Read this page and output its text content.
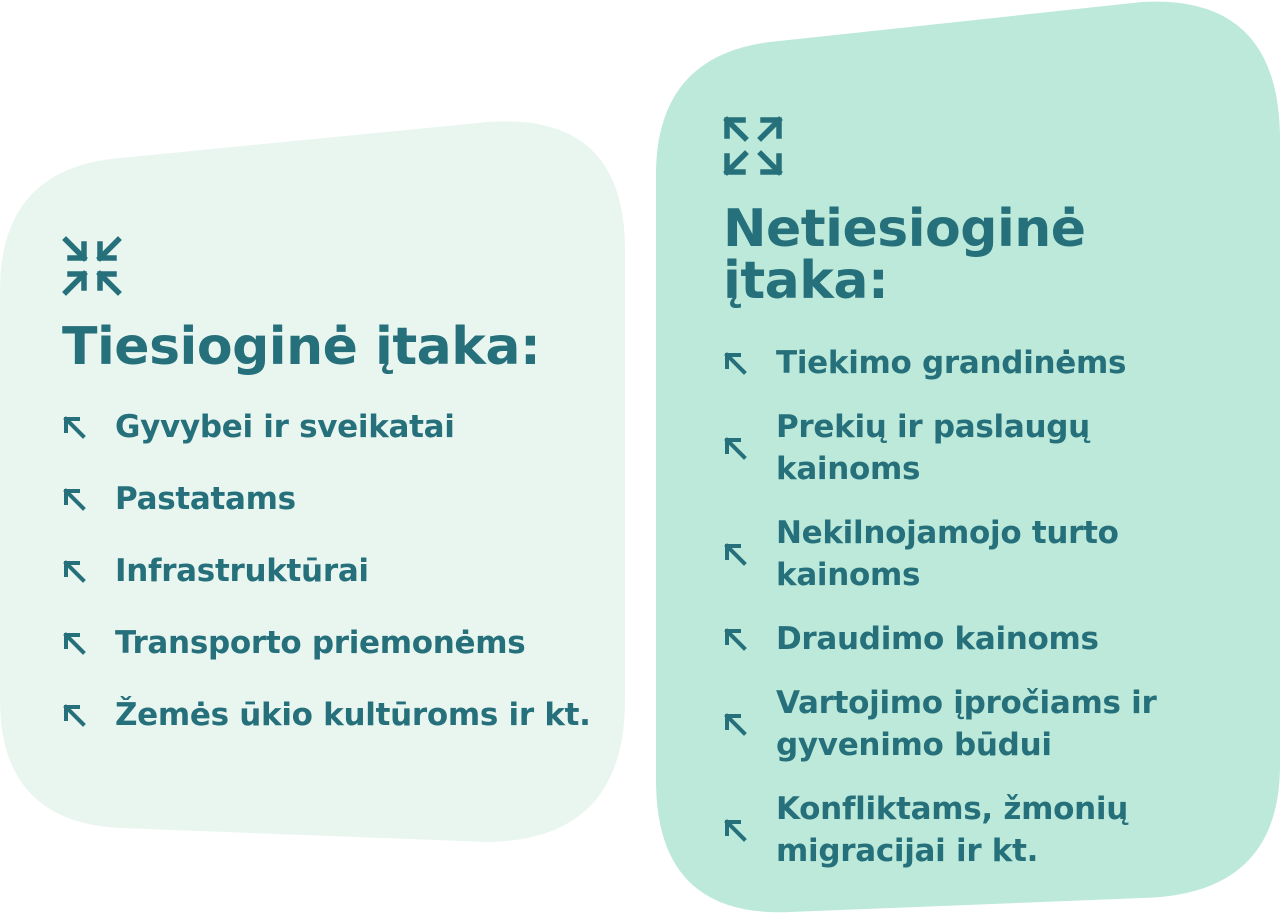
Tiesioginė įtaka:
Gyvybei ir sveikatai
Pastatams
Infrastruktūrai
Transporto priemonėms
Žemės ūkio kultūroms ir kt.
Netiesioginė įtaka:
Tiekimo grandinėms
Prekių ir paslaugų
kainoms
Nekilnojamojo turto
kainoms
Draudimo kainoms
Vartojimo įpročiams ir
gyvenimo būdui
Konfliktams, žmonių
migracijai ir kt.
